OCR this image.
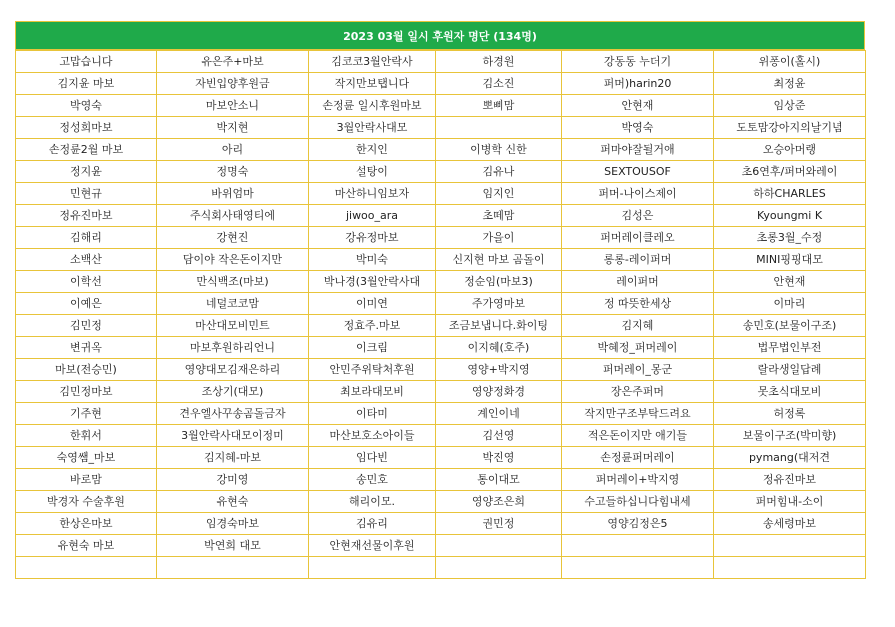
2023 03월 일시 후원자 명단 (134명)
고맙습니다	유은주+마보	김코코3월안락사	하경원	강동동 누더기	위퐁이(홀시)
김지윤 마보	자빈입양후원금	작지만보탭니다	김소진	퍼머)harin20	최정윤
박영숙	마보안소니	손정륜 일시후원마보	뽀삐맘	안현재	임상준
정성희마보	박지현	3월안락사대모		박영숙	도토맘강아지의날기념
손정륜2월 마보	아리	한지인	이병학 신한	퍼마야잘될거애	오승아머랭
정지윤	정명숙	설탕이	김유나	SEXTOUSOF	초6연후/퍼머와레이
민현규	바위엄마	마산하니임보자	임지인	퍼머-나이스제이	하하CHARLES
정유진마보	주식회사태영티에	jiwoo_ara	초떼맘	김성은	Kyoungmi K
김해리	강현진	강유정마보	가을이	퍼머레이클레오	초롱3월_수정
소백산	담이야 작은돈이지만	박미숙	신지현 마보 곰돌이	롱롱-레이퍼머	MINI핑핑대모
이학선	만식백조(마보)	박나경(3월안락사대	정순임(마보3)	레이퍼머	안현재
이예은	네덜코코맘	이미연	주가영마보	정 따뜻한세상	이마리
김민정	마산대모비민트	정효주.마보	조금보냅니다.화이팅	김지혜	송민호(보물이구조)
변귀옥	마보후원하리언니	이크림	이지혜(호주)	박혜정_퍼머레이	법무법인부전
마보(전승민)	영양대모김재은하리	안민주위탁처후원	영양+박지영	퍼머레이_몽군	랄라생일답례
김민정마보	조상기(대모)	최보라대모비	영양정화경	장은주퍼머	못초식대모비
기주현	견우엘사꾸송곰돌금자	이타미	계인이네	작지만구조부탁드려요	허정록
한휘서	3월안락사대모이정미	마산보호소아이들	김선영	적은돈이지만 애기들	보물이구조(박미향)
숙영쌤_마보	김지혜-마보	임다빈	박진영	손정륜퍼머레이	pymang(대저견
바로맘	강미영	송민호	통이대모	퍼머레이+박지영	정유진마보
박경자 수술후원	유현숙	해리이모.	영양조은희	수고들하십니다힘내세	퍼머힘내-소이
한상은마보	임경숙마보	김유리	권민정	영양김정은5	송세령마보
유현숙 마보	박연희 대모	안현재선물이후원			
